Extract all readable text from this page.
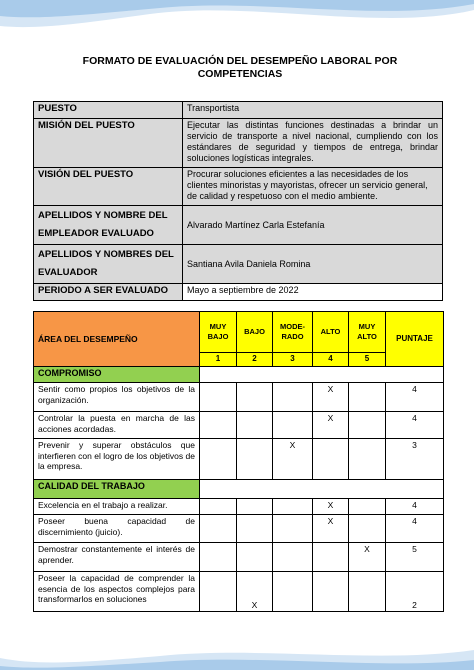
FORMATO DE EVALUACIÓN DEL DESEMPEÑO LABORAL POR
COMPETENCIAS
PUESTO	Transportista
MISIÓN DEL PUESTO	Ejecutar las distintas funciones destinadas a brindar un servicio de transporte a nivel nacional, cumpliendo con los estándares de seguridad y tiempos de entrega, brindar soluciones logísticas integrales.
VISIÓN DEL PUESTO	Procurar soluciones eficientes a las necesidades de los clientes minoristas y mayoristas, ofrecer un servicio general, de calidad y respetuoso con el medio ambiente.
APELLIDOS Y NOMBRE DEL EMPLEADOR EVALUADO	Alvarado Martínez Carla Estefanía
APELLIDOS Y NOMBRES DEL EVALUADOR	Santiana Avila Daniela Romina
PERIODO A SER EVALUADO	Mayo a septiembre de 2022
ÁREA DEL DESEMPEÑO	MUY BAJO	BAJO	MODE-RADO	ALTO	MUY ALTO	PUNTAJE
	1	2	3	4	5	
COMPROMISO						
Sentir como propios los objetivos de la organización.				X		4
Controlar la puesta en marcha de las acciones acordadas.				X		4
Prevenir y superar obstáculos que interfieren con el logro de los objetivos de la empresa.			X			3
CALIDAD DEL TRABAJO						
Excelencia en el trabajo a realizar.				X		4
Poseer buena capacidad de discernimiento (juicio).				X		4
Demostrar constantemente el interés de aprender.					X	5
Poseer la capacidad de comprender la esencia de los aspectos complejos para transformarlos en soluciones		X				2
